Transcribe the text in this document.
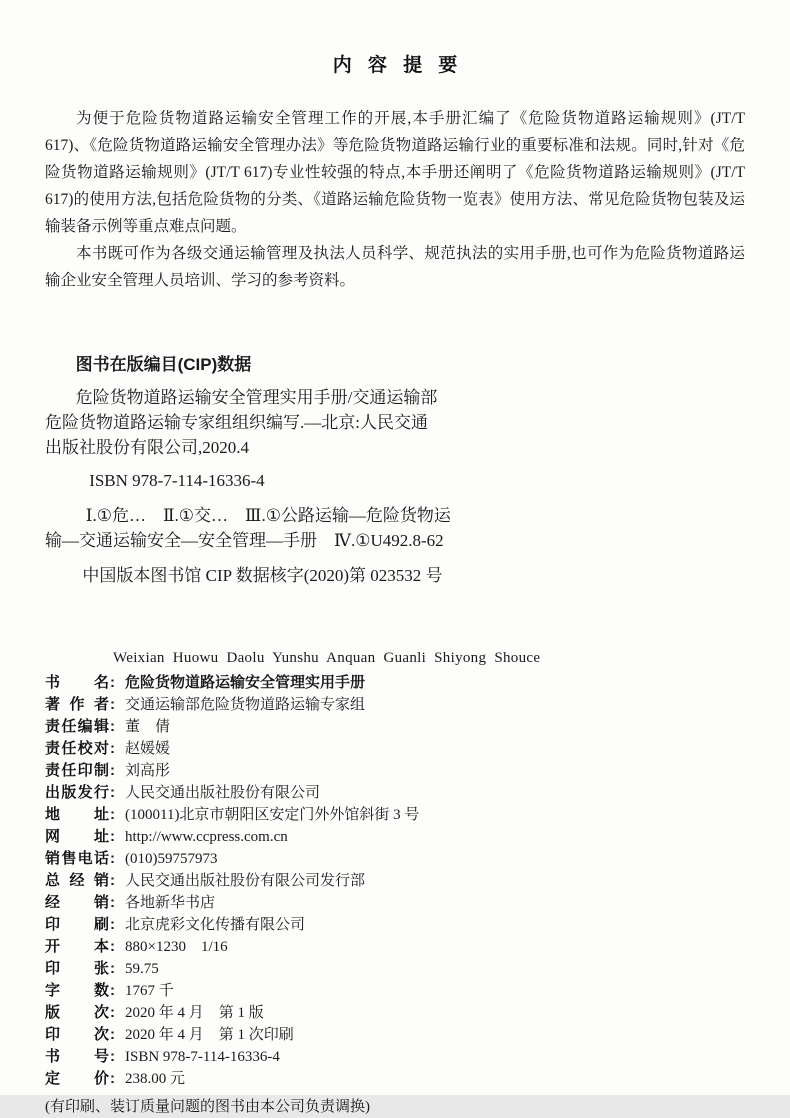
内容提要

为便于危险货物道路运输安全管理工作的开展,本手册汇编了《危险货物道路运输规则》(JT/T 617)、《危险货物道路运输安全管理办法》等危险货物道路运输行业的重要标准和法规。同时,针对《危险货物道路运输规则》(JT/T 617)专业性较强的特点,本手册还阐明了《危险货物道路运输规则》(JT/T 617)的使用方法,包括危险货物的分类、《道路运输危险货物一览表》使用方法、常见危险货物包装及运输装备示例等重点难点问题。

本书既可作为各级交通运输管理及执法人员科学、规范执法的实用手册,也可作为危险货物道路运输企业安全管理人员培训、学习的参考资料。

图书在版编目(CIP)数据
危险货物道路运输安全管理实用手册/交通运输部
危险货物道路运输专家组组织编写.—北京:人民交通
出版社股份有限公司,2020.4
ISBN 978-7-114-16336-4
Ⅰ.①危…　Ⅱ.①交…　Ⅲ.①公路运输—危险货物运
输—交通运输安全—安全管理—手册　Ⅳ.①U492.8-62
中国版本图书馆 CIP 数据核字(2020)第 023532 号
Weixian Huowu Daolu Yunshu Anquan Guanli Shiyong Shouce
书 名 : 危险货物道路运输安全管理实用手册
著 作 者 : 交通运输部危险货物道路运输专家组
责 任 编 辑 : 董　倩
责 任 校 对 : 赵媛媛
责 任 印 制 : 刘高彤
出 版 发 行 : 人民交通出版社股份有限公司
地 址 : (100011)北京市朝阳区安定门外外馆斜街 3 号
网 址 : http://www.ccpress.com.cn
销 售 电 话 : (010)59757973
总 经 销 : 人民交通出版社股份有限公司发行部
经 销 : 各地新华书店
印 刷 : 北京虎彩文化传播有限公司
开 本 : 880×1230　1/16
印 张 : 59.75
字 数 : 1767 千
版 次 : 2020 年 4 月　第 1 版
印 次 : 2020 年 4 月　第 1 次印刷
书 号 : ISBN 978-7-114-16336-4
定 价 : 238.00 元
(有印刷、装订质量问题的图书由本公司负责调换)
